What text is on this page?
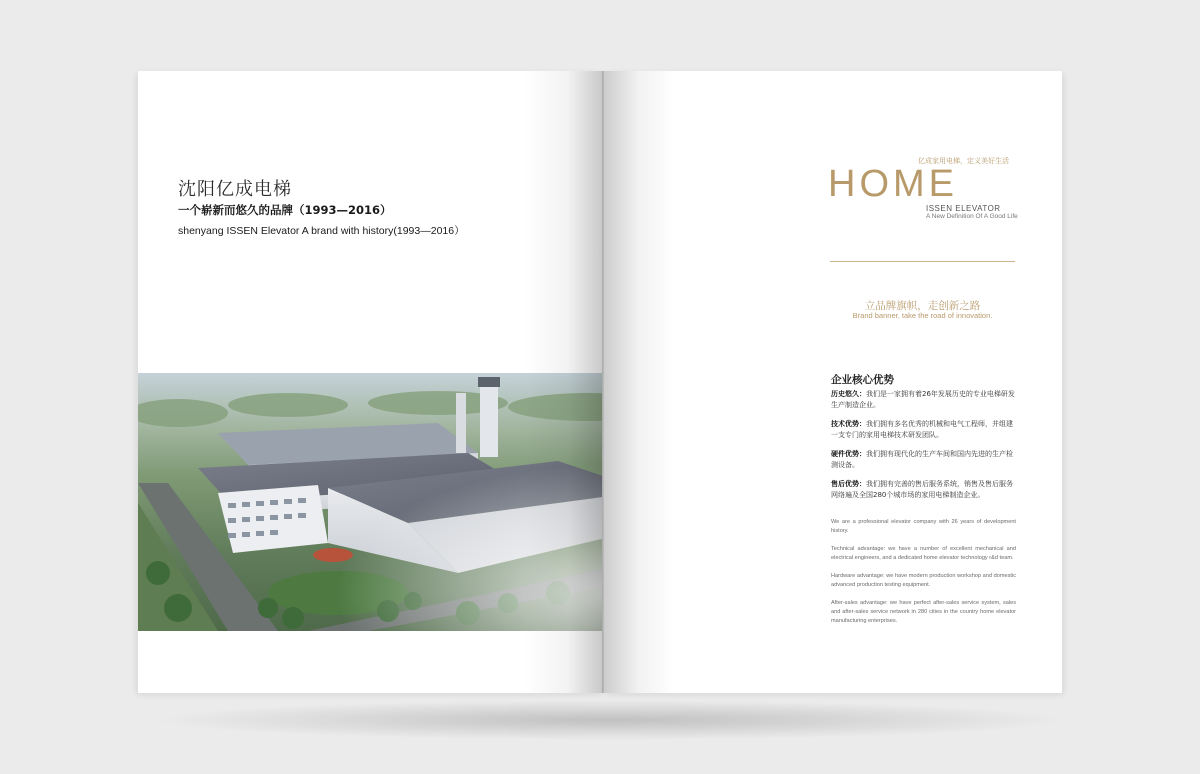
沈阳亿成电梯
一个崭新而悠久的品牌（1993—2016）
shenyang ISSEN Elevator A brand with history(1993—2016）
亿成家用电梯，定义美好生活
HOME
ISSEN ELEVATOR
A New Definition Of A Good Life
立品牌旗帜，走创新之路
Brand banner, take the road of innovation.
企业核心优势
历史悠久：我们是一家拥有着26年发展历史的专业电梯研发生产制造企业。
技术优势：我们拥有多名优秀的机械和电气工程师，并组建一支专门的家用电梯技术研发团队。
硬件优势：我们拥有现代化的生产车间和国内先进的生产检测设备。
售后优势：我们拥有完善的售后服务系统，销售及售后服务网络遍及全国280个城市场的家用电梯制造企业。
We are a professional elevator company with 26 years of development history.
Technical advantage: we have a number of excellent mechanical and electrical engineers, and a dedicated home elevator technology r&d team.
Hardware advantage: we have modern production workshop and domestic advanced production testing equipment.
After-sales advantage: we have perfect after-sales service system, sales and after-sales service network in 280 cities in the country home elevator manufacturing enterprises.
